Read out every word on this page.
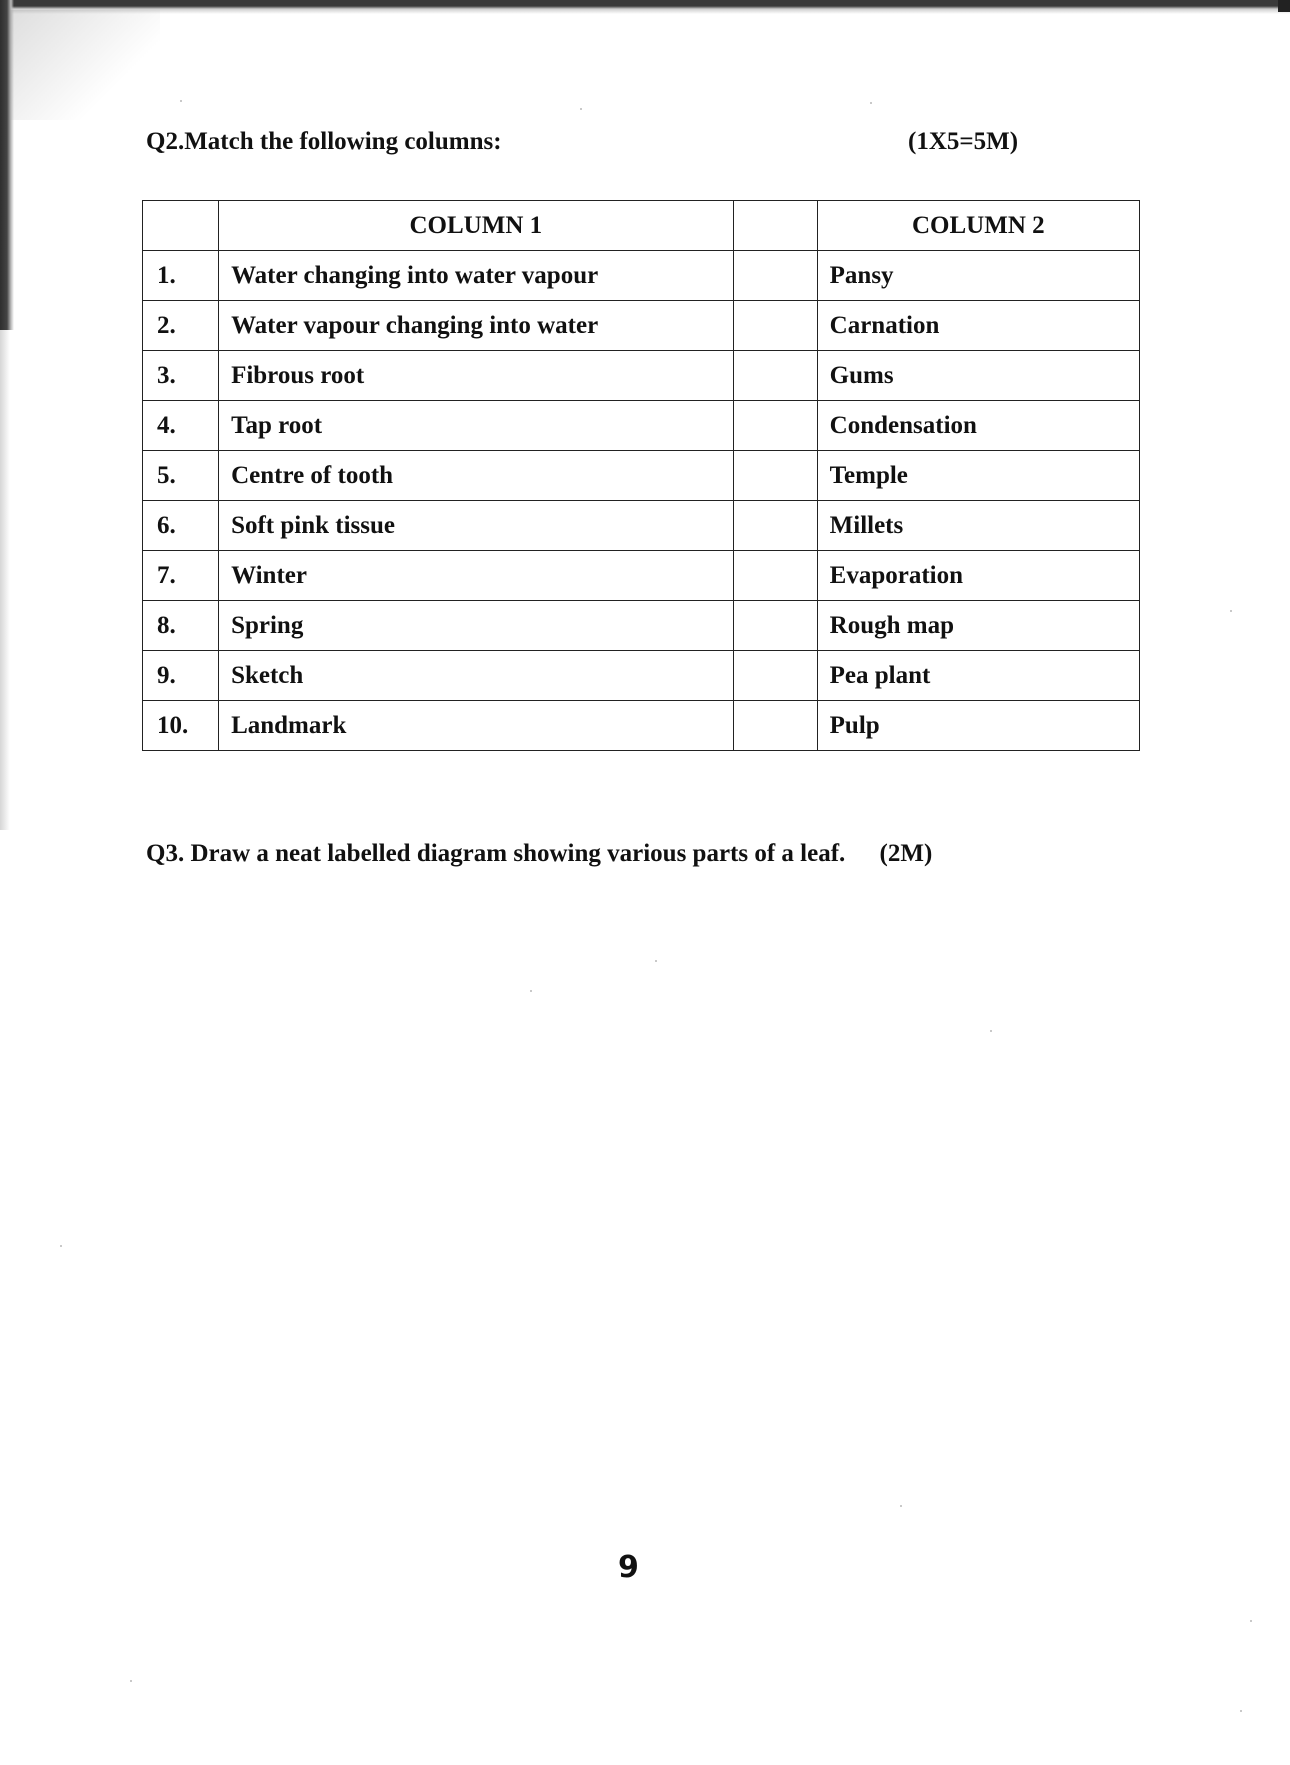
Q2.Match the following columns:	(1X5=5M)
	COLUMN 1		COLUMN 2
1.	Water changing into water vapour		Pansy
2.	Water vapour changing into water		Carnation
3.	Fibrous root		Gums
4.	Tap root		Condensation
5.	Centre of tooth		Temple
6.	Soft pink tissue		Millets
7.	Winter		Evaporation
8.	Spring		Rough map
9.	Sketch		Pea plant
10.	Landmark		Pulp
Q3. Draw a neat labelled diagram showing various parts of a leaf. (2M)
9
